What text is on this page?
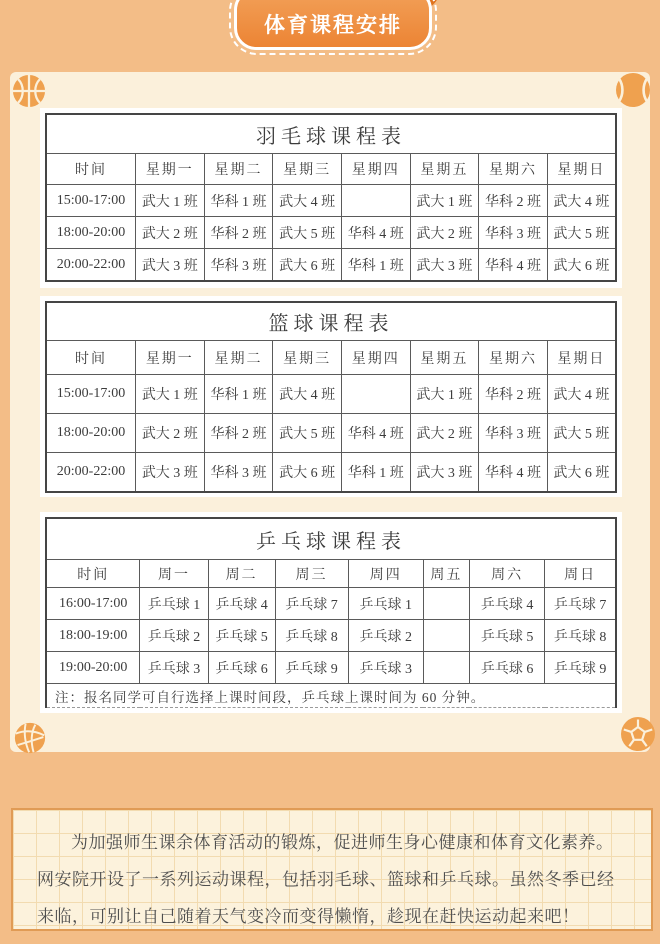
体育课程安排
羽毛球课程表							
时间	星期一	星期二	星期三	星期四	星期五	星期六	星期日
15:00-17:00	武大 1 班	华科 1 班	武大 4 班		武大 1 班	华科 2 班	武大 4 班
18:00-20:00	武大 2 班	华科 2 班	武大 5 班	华科 4 班	武大 2 班	华科 3 班	武大 5 班
20:00-22:00	武大 3 班	华科 3 班	武大 6 班	华科 1 班	武大 3 班	华科 4 班	武大 6 班
篮球课程表							
时间	星期一	星期二	星期三	星期四	星期五	星期六	星期日
15:00-17:00	武大 1 班	华科 1 班	武大 4 班		武大 1 班	华科 2 班	武大 4 班
18:00-20:00	武大 2 班	华科 2 班	武大 5 班	华科 4 班	武大 2 班	华科 3 班	武大 5 班
20:00-22:00	武大 3 班	华科 3 班	武大 6 班	华科 1 班	武大 3 班	华科 4 班	武大 6 班
乒乓球课程表							
时间	周一	周二	周三	周四	周五	周六	周日
16:00-17:00	乒乓球 1	乒乓球 4	乒乓球 7	乒乓球 1		乒乓球 4	乒乓球 7
18:00-19:00	乒乓球 2	乒乓球 5	乒乓球 8	乒乓球 2		乒乓球 5	乒乓球 8
19:00-20:00	乒乓球 3	乒乓球 6	乒乓球 9	乒乓球 3		乒乓球 6	乒乓球 9
注：报名同学可自行选择上课时间段，乒乓球上课时间为 60 分钟。							

为加强师生课余体育活动的锻炼，促进师生身心健康和体育文化素养。网安院开设了一系列运动课程，包括羽毛球、篮球和乒乓球。虽然冬季已经来临，可别让自己随着天气变冷而变得懒惰，趁现在赶快运动起来吧！
